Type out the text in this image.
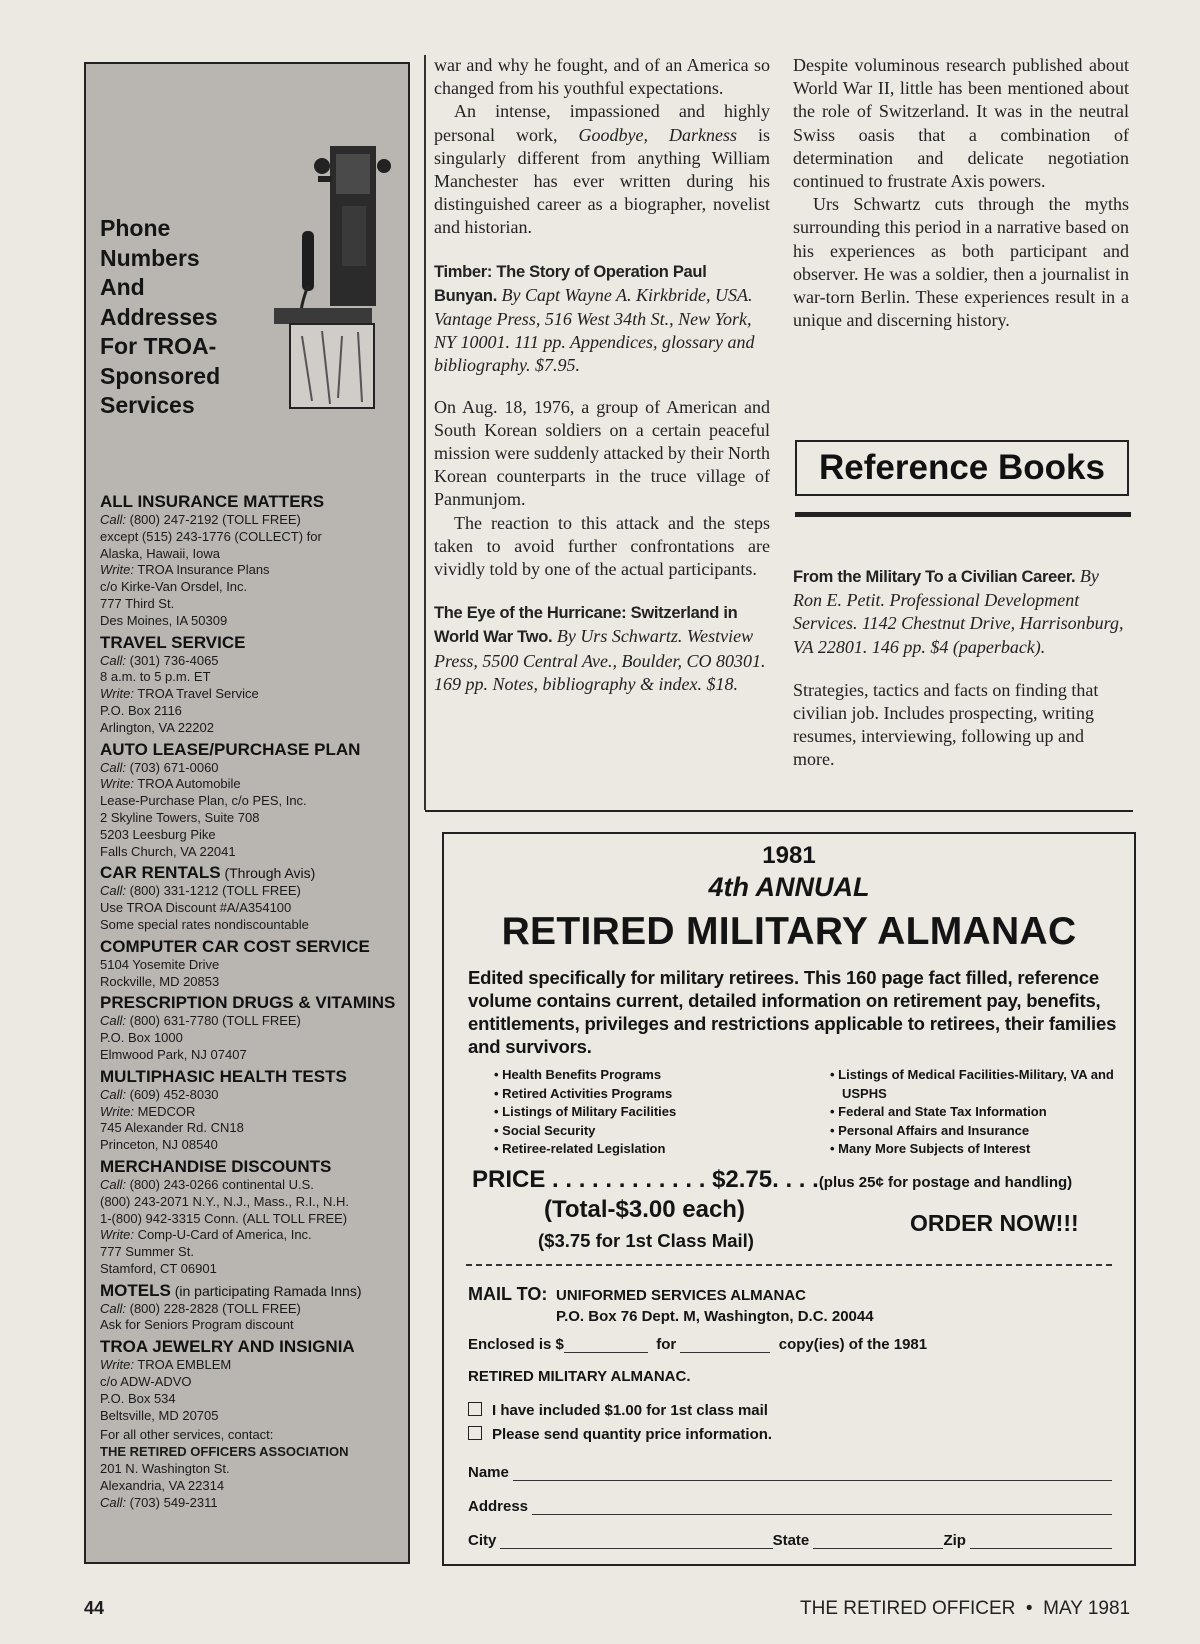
Phone
Numbers
And
Addresses
For TROA-
Sponsored
Services
ALL INSURANCE MATTERS
Call: (800) 247-2192 (TOLL FREE)
except (515) 243-1776 (COLLECT) for
Alaska, Hawaii, Iowa
Write: TROA Insurance Plans
c/o Kirke-Van Orsdel, Inc.
777 Third St.
Des Moines, IA 50309
TRAVEL SERVICE
Call: (301) 736-4065
8 a.m. to 5 p.m. ET
Write: TROA Travel Service
P.O. Box 2116
Arlington, VA 22202
AUTO LEASE/PURCHASE PLAN
Call: (703) 671-0060
Write: TROA Automobile
Lease-Purchase Plan, c/o PES, Inc.
2 Skyline Towers, Suite 708
5203 Leesburg Pike
Falls Church, VA 22041
CAR RENTALS (Through Avis)
Call: (800) 331-1212 (TOLL FREE)
Use TROA Discount #A/A354100
Some special rates nondiscountable
COMPUTER CAR COST SERVICE
5104 Yosemite Drive
Rockville, MD 20853
PRESCRIPTION DRUGS & VITAMINS
Call: (800) 631-7780 (TOLL FREE)
P.O. Box 1000
Elmwood Park, NJ 07407
MULTIPHASIC HEALTH TESTS
Call: (609) 452-8030
Write: MEDCOR
745 Alexander Rd. CN18
Princeton, NJ 08540
MERCHANDISE DISCOUNTS
Call: (800) 243-0266 continental U.S.
(800) 243-2071 N.Y., N.J., Mass., R.I., N.H.
1-(800) 942-3315 Conn. (ALL TOLL FREE)
Write: Comp-U-Card of America, Inc.
777 Summer St.
Stamford, CT 06901
MOTELS (in participating Ramada Inns)
Call: (800) 228-2828 (TOLL FREE)
Ask for Seniors Program discount
TROA JEWELRY AND INSIGNIA
Write: TROA EMBLEM
c/o ADW-ADVO
P.O. Box 534
Beltsville, MD 20705
For all other services, contact:
THE RETIRED OFFICERS ASSOCIATION
201 N. Washington St.
Alexandria, VA 22314
Call: (703) 549-2311

war and why he fought, and of an America so changed from his youthful expectations.

An intense, impassioned and highly personal work, Goodbye, Darkness is singularly different from anything William Manchester has ever written during his distinguished career as a biographer, novelist and historian.

Timber: The Story of Operation Paul Bunyan. By Capt Wayne A. Kirkbride, USA. Vantage Press, 516 West 34th St., New York, NY 10001. 111 pp. Appendices, glossary and bibliography. $7.95.

On Aug. 18, 1976, a group of American and South Korean soldiers on a certain peaceful mission were suddenly attacked by their North Korean counterparts in the truce village of Panmunjom.

The reaction to this attack and the steps taken to avoid further confrontations are vividly told by one of the actual participants.

The Eye of the Hurricane: Switzerland in World War Two. By Urs Schwartz. Westview Press, 5500 Central Ave., Boulder, CO 80301. 169 pp. Notes, bibliography & index. $18.

Despite voluminous research published about World War II, little has been mentioned about the role of Switzerland. It was in the neutral Swiss oasis that a combination of determination and delicate negotiation continued to frustrate Axis powers.

Urs Schwartz cuts through the myths surrounding this period in a narrative based on his experiences as both participant and observer. He was a soldier, then a journalist in war-torn Berlin. These experiences result in a unique and discerning history.

Reference Books

From the Military To a Civilian Career. By Ron E. Petit. Professional Development Services. 1142 Chestnut Drive, Harrisonburg, VA 22801. 146 pp. $4 (paperback).

Strategies, tactics and facts on finding that civilian job. Includes prospecting, writing resumes, interviewing, following up and more.

1981
4th ANNUAL
RETIRED MILITARY ALMANAC
Edited specifically for military retirees. This 160 page fact filled, reference volume contains current, detailed information on retirement pay, benefits, entitlements, privileges and restrictions applicable to retirees, their families and survivors.
• Health Benefits Programs
• Retired Activities Programs
• Listings of Military Facilities
• Social Security
• Retiree-related Legislation
• Listings of Medical Facilities-Military, VA and
USPHS
• Federal and State Tax Information
• Personal Affairs and Insurance
• Many More Subjects of Interest
PRICE . . . . . . . . . . . . $2.75. . . .(plus 25¢ for postage and handling)
(Total-$3.00 each)
($3.75 for 1st Class Mail)
ORDER NOW!!!
MAIL TO: UNIFORMED SERVICES ALMANAC
P.O. Box 76 Dept. M, Washington, D.C. 20044
Enclosed is $	for	copy(ies) of the 1981
RETIRED MILITARY ALMANAC.
I have included $1.00 for 1st class mail
Please send quantity price information.
Name
Address
City	State	Zip
44	THE RETIRED OFFICER • MAY 1981
